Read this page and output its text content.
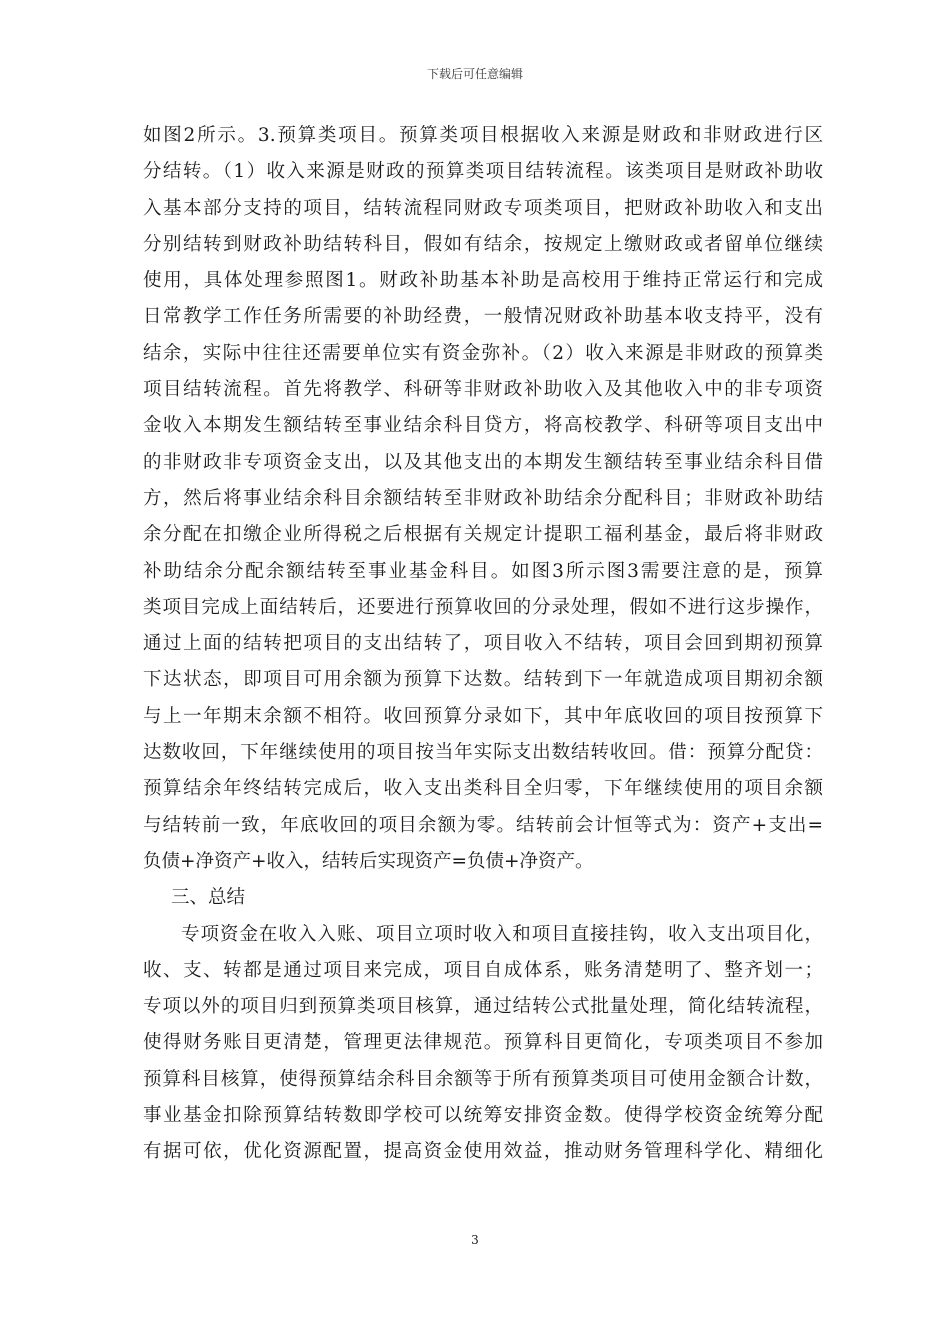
下载后可任意编辑
如图2所示。3.预算类项目。预算类项目根据收入来源是财政和非财政进行区
分结转。（1）收入来源是财政的预算类项目结转流程。该类项目是财政补助收
入基本部分支持的项目，结转流程同财政专项类项目，把财政补助收入和支出
分别结转到财政补助结转科目，假如有结余，按规定上缴财政或者留单位继续
使用，具体处理参照图1。财政补助基本补助是高校用于维持正常运行和完成
日常教学工作任务所需要的补助经费，一般情况财政补助基本收支持平，没有
结余，实际中往往还需要单位实有资金弥补。（2）收入来源是非财政的预算类
项目结转流程。首先将教学、科研等非财政补助收入及其他收入中的非专项资
金收入本期发生额结转至事业结余科目贷方，将高校教学、科研等项目支出中
的非财政非专项资金支出，以及其他支出的本期发生额结转至事业结余科目借
方，然后将事业结余科目余额结转至非财政补助结余分配科目；非财政补助结
余分配在扣缴企业所得税之后根据有关规定计提职工福利基金，最后将非财政
补助结余分配余额结转至事业基金科目。如图3所示图3需要注意的是，预算
类项目完成上面结转后，还要进行预算收回的分录处理，假如不进行这步操作，
通过上面的结转把项目的支出结转了，项目收入不结转，项目会回到期初预算
下达状态，即项目可用余额为预算下达数。结转到下一年就造成项目期初余额
与上一年期末余额不相符。收回预算分录如下，其中年底收回的项目按预算下
达数收回，下年继续使用的项目按当年实际支出数结转收回。借：预算分配贷：
预算结余年终结转完成后，收入支出类科目全归零，下年继续使用的项目余额
与结转前一致，年底收回的项目余额为零。结转前会计恒等式为：资产+支出=
负债+净资产+收入，结转后实现资产=负债+净资产。
三、总结
专项资金在收入入账、项目立项时收入和项目直接挂钩，收入支出项目化，
收、支、转都是通过项目来完成，项目自成体系，账务清楚明了、整齐划一；
专项以外的项目归到预算类项目核算，通过结转公式批量处理，简化结转流程，
使得财务账目更清楚，管理更法律规范。预算科目更简化，专项类项目不参加
预算科目核算，使得预算结余科目余额等于所有预算类项目可使用金额合计数，
事业基金扣除预算结转数即学校可以统筹安排资金数。使得学校资金统筹分配
有据可依，优化资源配置，提高资金使用效益，推动财务管理科学化、精细化
3
